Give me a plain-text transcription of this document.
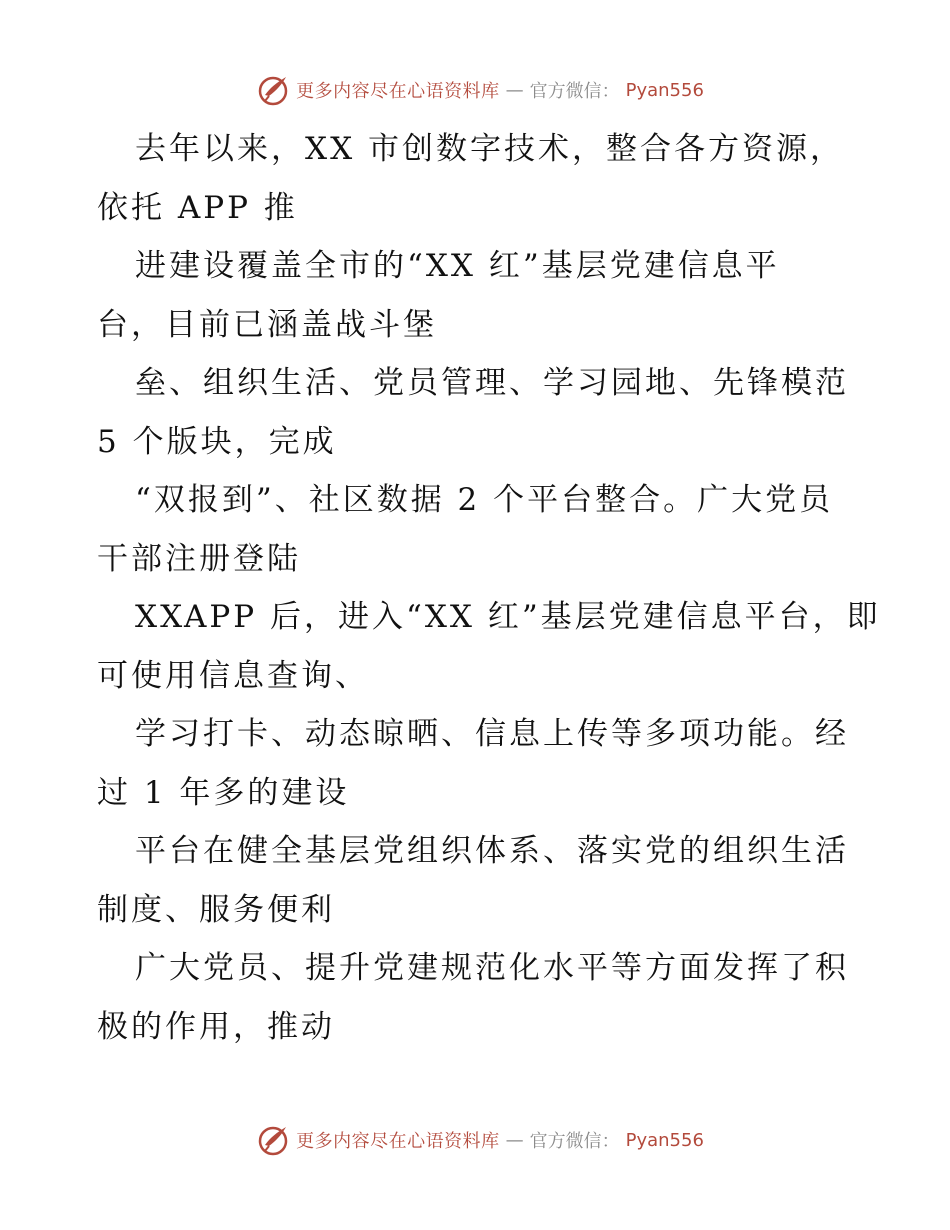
更多内容尽在心语资料库 — 官方微信： Pyan556
去年以来，XX 市创数字技术，整合各方资源，
依托 APP 推
进建设覆盖全市的“XX 红”基层党建信息平
台，目前已涵盖战斗堡
垒、组织生活、党员管理、学习园地、先锋模范
5 个版块，完成
“双报到”、社区数据 2 个平台整合。广大党员
干部注册登陆
XXAPP 后，进入“XX 红”基层党建信息平台，即
可使用信息查询、
学习打卡、动态晾晒、信息上传等多项功能。经
过 1 年多的建设
平台在健全基层党组织体系、落实党的组织生活
制度、服务便利
广大党员、提升党建规范化水平等方面发挥了积
极的作用，推动
更多内容尽在心语资料库 — 官方微信： Pyan556
